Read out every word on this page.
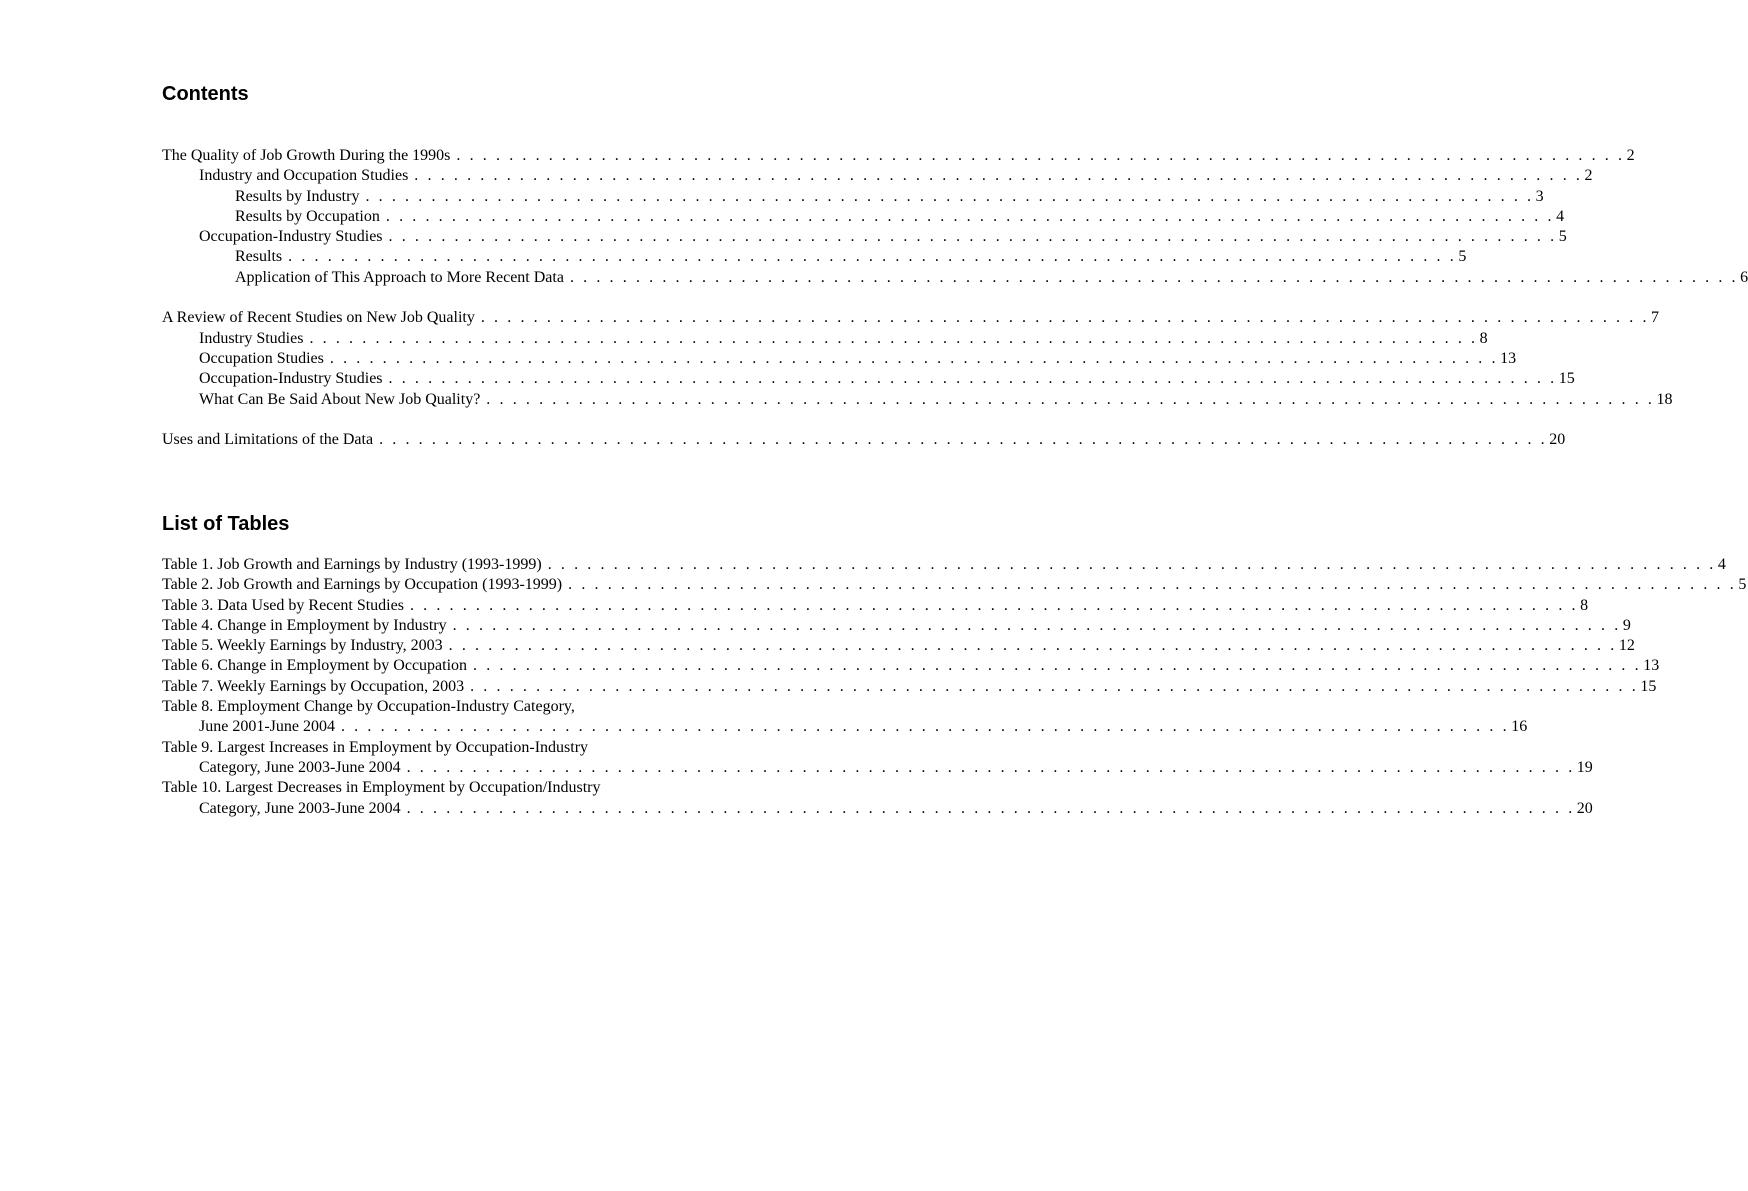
Contents
The Quality of Job Growth During the 1990s . . . . . . . . . . . . . . . . . . . . . . . . . . . . . . . . . . . . . . . . . . . . . . . . . . . . . . . . . . . . . . . . . . . . . . . . . . . . . . . . . . . . . . . . . 2
Industry and Occupation Studies . . . . . . . . . . . . . . . . . . . . . . . . . . . . . . . . . . . . . . . . . . . . . . . . . . . . . . . . . . . . . . . . . . . . . . . . . . . . . . . . . . . . . . . . . 2
Results by Industry . . . . . . . . . . . . . . . . . . . . . . . . . . . . . . . . . . . . . . . . . . . . . . . . . . . . . . . . . . . . . . . . . . . . . . . . . . . . . . . . . . . . . . . . . 3
Results by Occupation . . . . . . . . . . . . . . . . . . . . . . . . . . . . . . . . . . . . . . . . . . . . . . . . . . . . . . . . . . . . . . . . . . . . . . . . . . . . . . . . . . . . . . . . . 4
Occupation-Industry Studies . . . . . . . . . . . . . . . . . . . . . . . . . . . . . . . . . . . . . . . . . . . . . . . . . . . . . . . . . . . . . . . . . . . . . . . . . . . . . . . . . . . . . . . . . 5
Results . . . . . . . . . . . . . . . . . . . . . . . . . . . . . . . . . . . . . . . . . . . . . . . . . . . . . . . . . . . . . . . . . . . . . . . . . . . . . . . . . . . . . . . . . 5
Application of This Approach to More Recent Data . . . . . . . . . . . . . . . . . . . . . . . . . . . . . . . . . . . . . . . . . . . . . . . . . . . . . . . . . . . . . . . . . . . . . . . . . . . . . . . . . . . . . . . . . 6
A Review of Recent Studies on New Job Quality . . . . . . . . . . . . . . . . . . . . . . . . . . . . . . . . . . . . . . . . . . . . . . . . . . . . . . . . . . . . . . . . . . . . . . . . . . . . . . . . . . . . . . . . . 7
Industry Studies . . . . . . . . . . . . . . . . . . . . . . . . . . . . . . . . . . . . . . . . . . . . . . . . . . . . . . . . . . . . . . . . . . . . . . . . . . . . . . . . . . . . . . . . . 8
Occupation Studies . . . . . . . . . . . . . . . . . . . . . . . . . . . . . . . . . . . . . . . . . . . . . . . . . . . . . . . . . . . . . . . . . . . . . . . . . . . . . . . . . . . . . . . . . 13
Occupation-Industry Studies . . . . . . . . . . . . . . . . . . . . . . . . . . . . . . . . . . . . . . . . . . . . . . . . . . . . . . . . . . . . . . . . . . . . . . . . . . . . . . . . . . . . . . . . . 15
What Can Be Said About New Job Quality? . . . . . . . . . . . . . . . . . . . . . . . . . . . . . . . . . . . . . . . . . . . . . . . . . . . . . . . . . . . . . . . . . . . . . . . . . . . . . . . . . . . . . . . . . 18
Uses and Limitations of the Data . . . . . . . . . . . . . . . . . . . . . . . . . . . . . . . . . . . . . . . . . . . . . . . . . . . . . . . . . . . . . . . . . . . . . . . . . . . . . . . . . . . . . . . . . 20
List of Tables
Table 1. Job Growth and Earnings by Industry (1993-1999) . . . . . . . . . . . . . . . . . . . . . . . . . . . . . . . . . . . . . . . . . . . . . . . . . . . . . . . . . . . . . . . . . . . . . . . . . . . . . . . . . . . . . . . . . 4
Table 2. Job Growth and Earnings by Occupation (1993-1999) . . . . . . . . . . . . . . . . . . . . . . . . . . . . . . . . . . . . . . . . . . . . . . . . . . . . . . . . . . . . . . . . . . . . . . . . . . . . . . . . . . . . . . . . . 5
Table 3. Data Used by Recent Studies . . . . . . . . . . . . . . . . . . . . . . . . . . . . . . . . . . . . . . . . . . . . . . . . . . . . . . . . . . . . . . . . . . . . . . . . . . . . . . . . . . . . . . . . . 8
Table 4. Change in Employment by Industry . . . . . . . . . . . . . . . . . . . . . . . . . . . . . . . . . . . . . . . . . . . . . . . . . . . . . . . . . . . . . . . . . . . . . . . . . . . . . . . . . . . . . . . . . 9
Table 5. Weekly Earnings by Industry, 2003 . . . . . . . . . . . . . . . . . . . . . . . . . . . . . . . . . . . . . . . . . . . . . . . . . . . . . . . . . . . . . . . . . . . . . . . . . . . . . . . . . . . . . . . . . 12
Table 6. Change in Employment by Occupation . . . . . . . . . . . . . . . . . . . . . . . . . . . . . . . . . . . . . . . . . . . . . . . . . . . . . . . . . . . . . . . . . . . . . . . . . . . . . . . . . . . . . . . . . 13
Table 7. Weekly Earnings by Occupation, 2003 . . . . . . . . . . . . . . . . . . . . . . . . . . . . . . . . . . . . . . . . . . . . . . . . . . . . . . . . . . . . . . . . . . . . . . . . . . . . . . . . . . . . . . . . . 15
Table 8. Employment Change by Occupation-Industry Category,
June 2001-June 2004 . . . . . . . . . . . . . . . . . . . . . . . . . . . . . . . . . . . . . . . . . . . . . . . . . . . . . . . . . . . . . . . . . . . . . . . . . . . . . . . . . . . . . . . . . 16
Table 9. Largest Increases in Employment by Occupation-Industry
Category, June 2003-June 2004 . . . . . . . . . . . . . . . . . . . . . . . . . . . . . . . . . . . . . . . . . . . . . . . . . . . . . . . . . . . . . . . . . . . . . . . . . . . . . . . . . . . . . . . . . 19
Table 10. Largest Decreases in Employment by Occupation/Industry
Category, June 2003-June 2004 . . . . . . . . . . . . . . . . . . . . . . . . . . . . . . . . . . . . . . . . . . . . . . . . . . . . . . . . . . . . . . . . . . . . . . . . . . . . . . . . . . . . . . . . . 20
